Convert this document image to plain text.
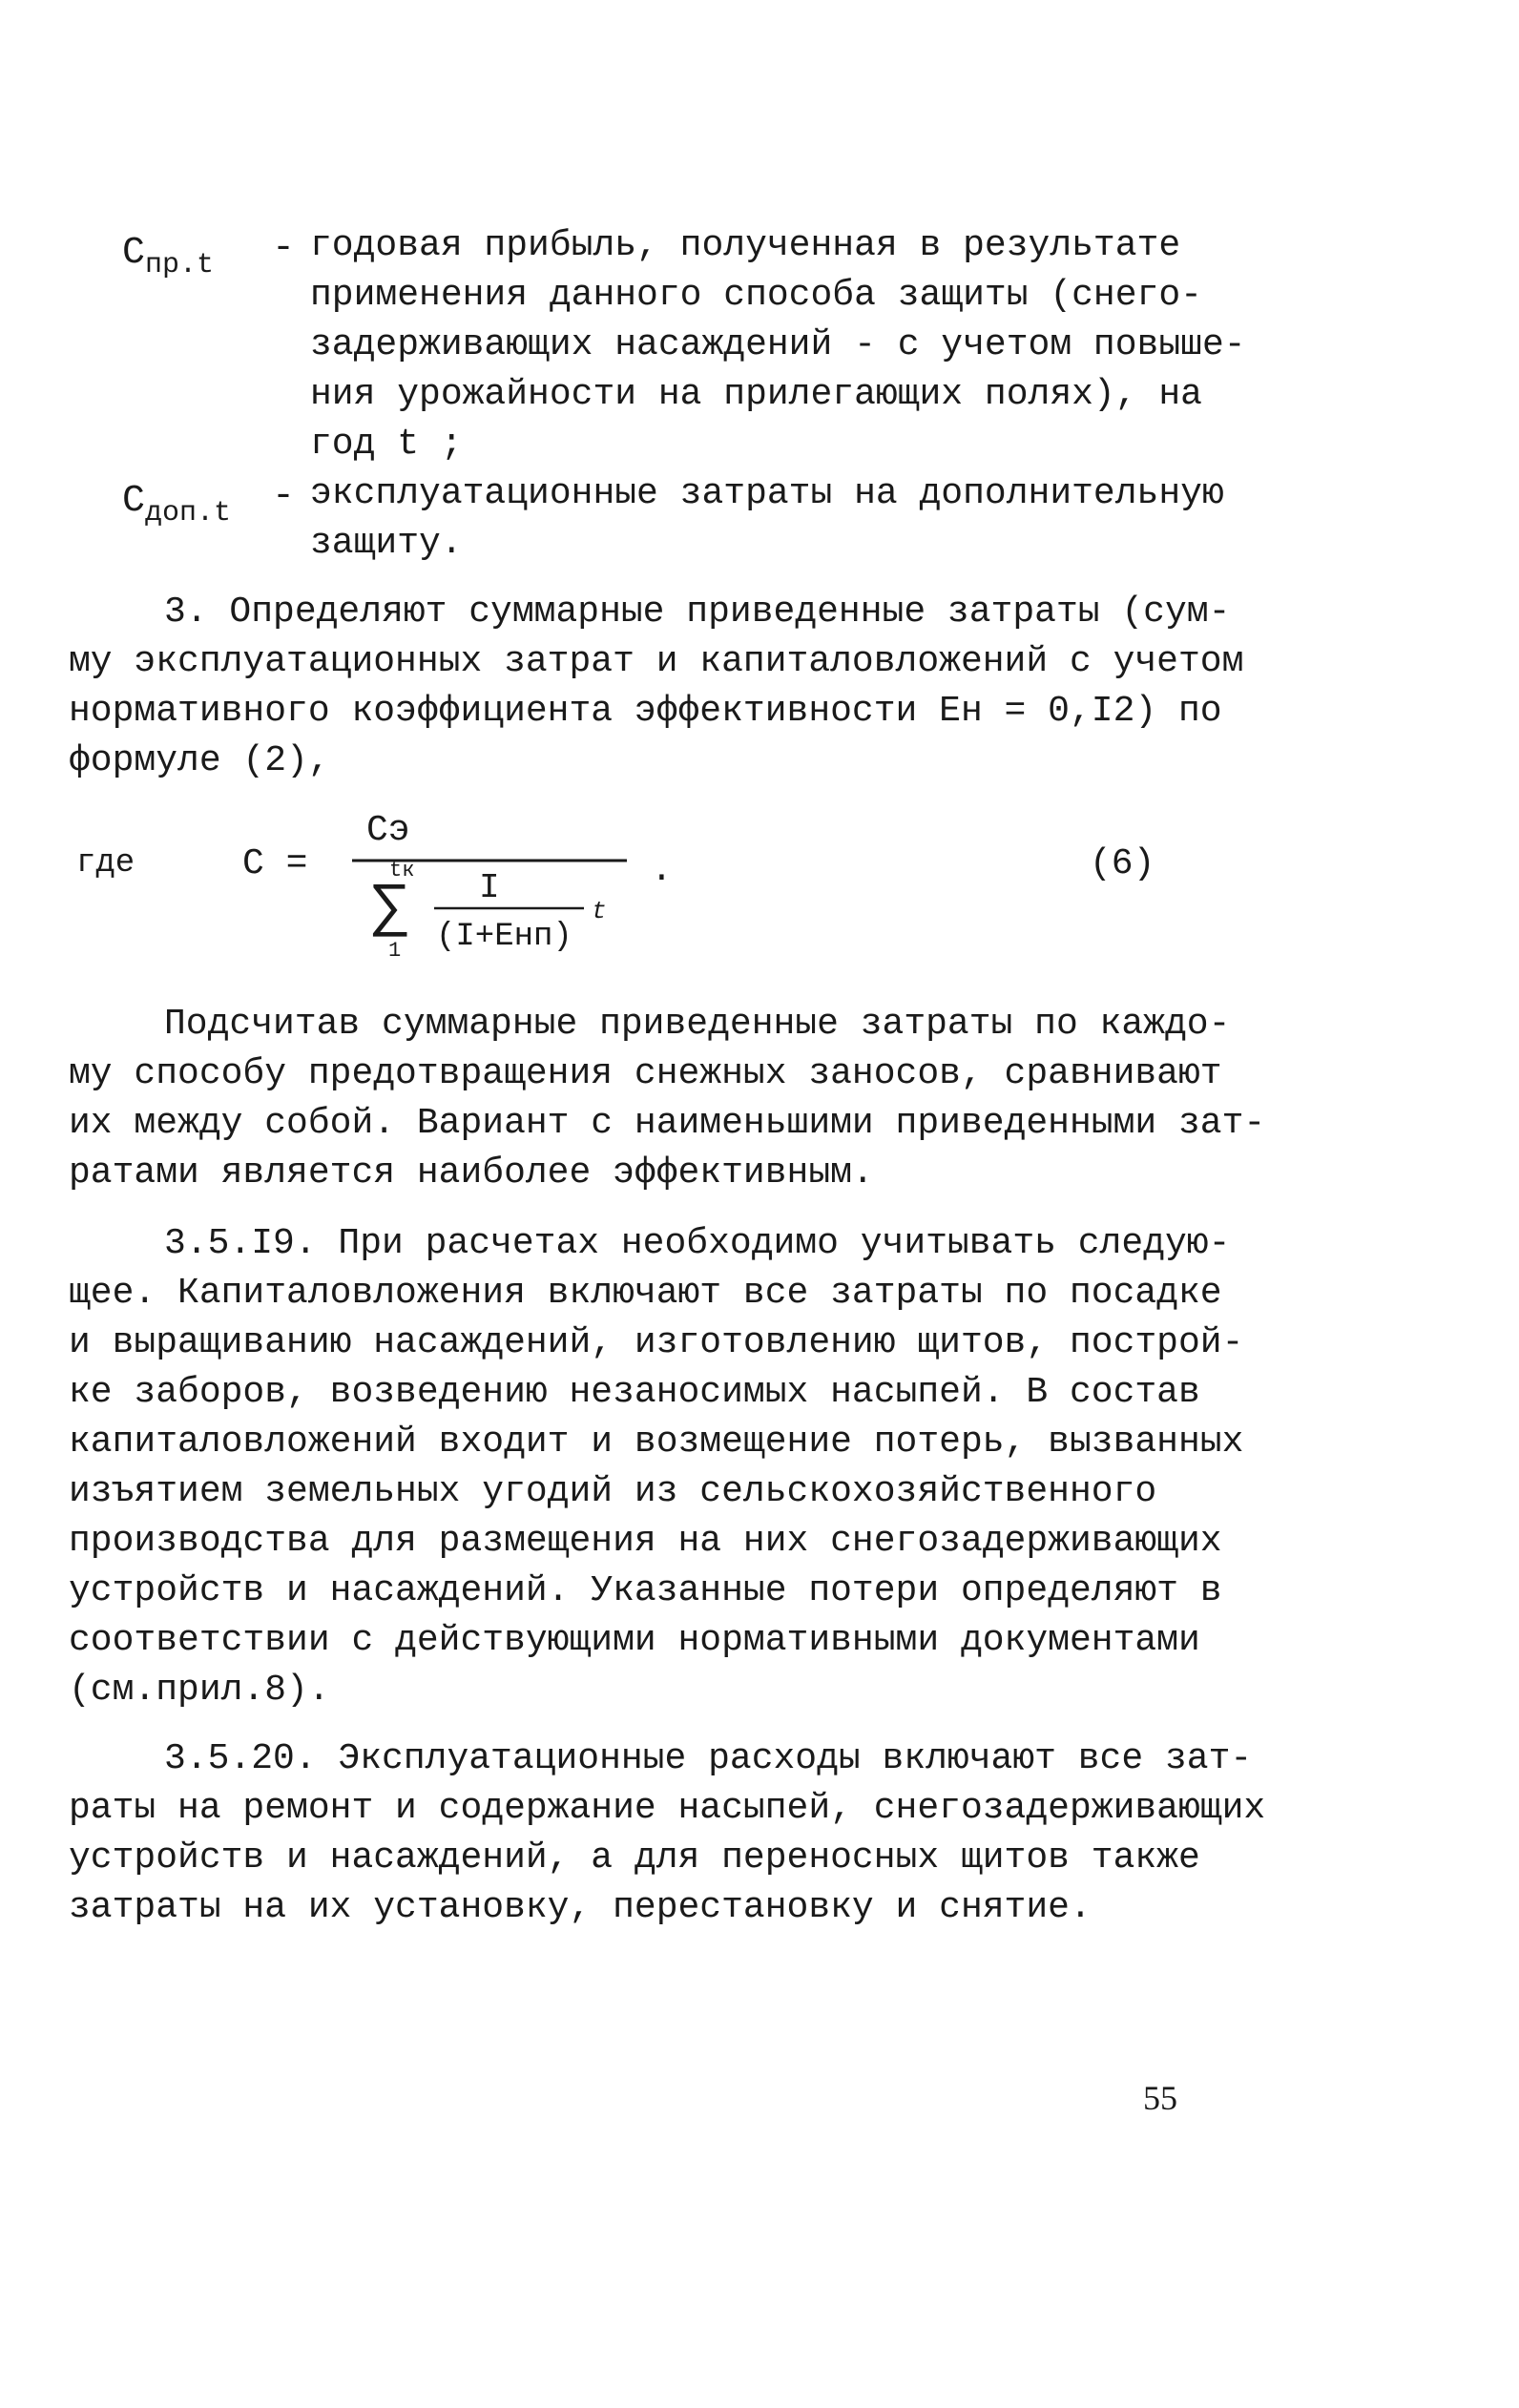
$C_{пр.t}$ - годовая прибыль, полученная в результате
применения данного способа защиты (снего-
задерживающих насаждений - с учетом повыше-
ния урожайности на прилегающих полях), на
год t ;
$C_{доп.t}$ - эксплуатационные затраты на дополнительную
защиту.
3. Определяют суммарные приведенные затраты (сум-
му эксплуатационных затрат и капиталовложений с учетом
нормативного коэффициента эффективности Eн = 0,I2) по
формуле (2),
где	C =
Cэ
tк
∑
1
I
(I+Eнп)
t
.	(6)
Подсчитав суммарные приведенные затраты по каждо-
му способу предотвращения снежных заносов, сравнивают
их между собой. Вариант с наименьшими приведенными зат-
ратами является наиболее эффективным.
3.5.I9. При расчетах необходимо учитывать следую-
щее. Капиталовложения включают все затраты по посадке
и выращиванию насаждений, изготовлению щитов, построй-
ке заборов, возведению незаносимых насыпей. В состав
капиталовложений входит и возмещение потерь, вызванных
изъятием земельных угодий из сельскохозяйственного
производства для размещения на них снегозадерживающих
устройств и насаждений. Указанные потери определяют в
соответствии с действующими нормативными документами
(см.прил.8).
3.5.20. Эксплуатационные расходы включают все зат-
раты на ремонт и содержание насыпей, снегозадерживающих
устройств и насаждений, а для переносных щитов также
затраты на их установку, перестановку и снятие.
55
